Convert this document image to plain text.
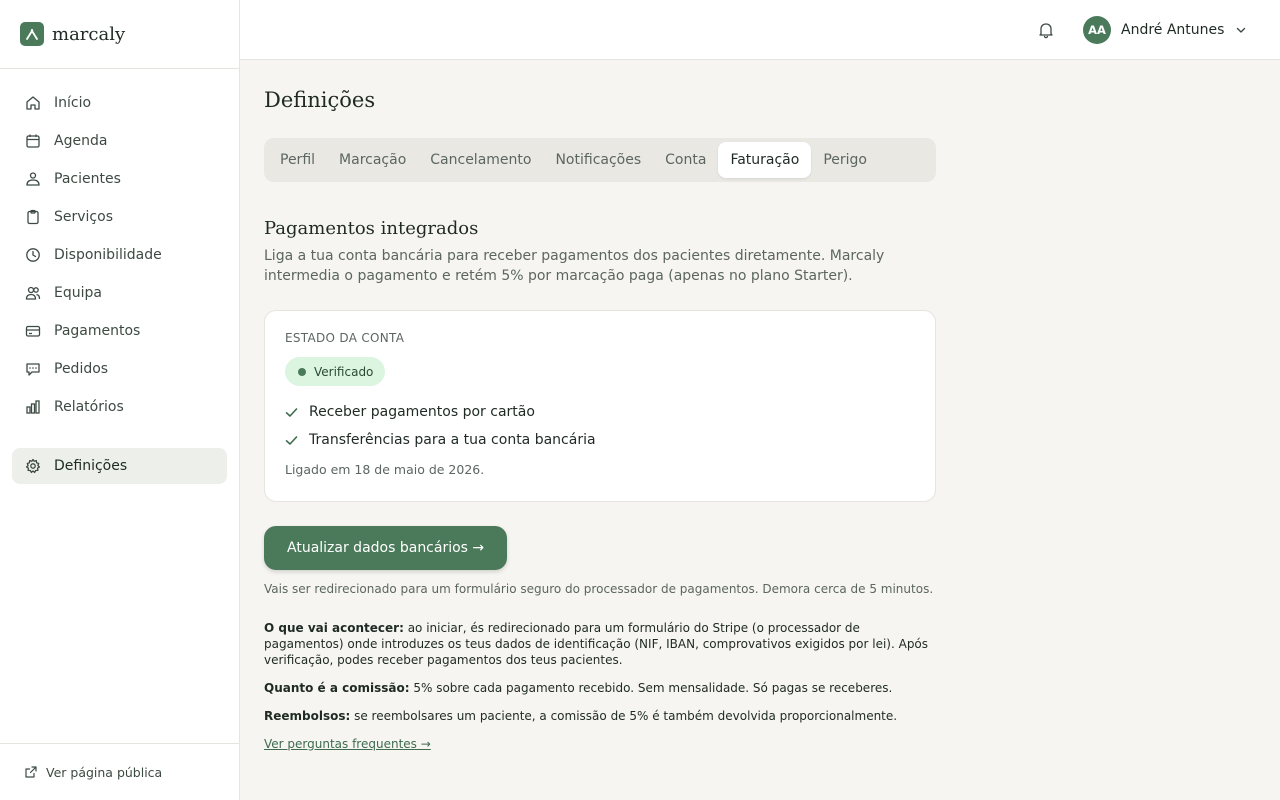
marcaly
Início
Agenda
Pacientes
Serviços
Disponibilidade
Equipa
Pagamentos
Pedidos
Relatórios
Definições
Ver página pública
AA	André Antunes
Definições
Perfil	Marcação	Cancelamento	Notificações	Conta	Faturação	Perigo
Pagamentos integrados

Liga a tua conta bancária para receber pagamentos dos pacientes diretamente. Marcaly intermedia o pagamento e retém 5% por marcação paga (apenas no plano Starter).

ESTADO DA CONTA
Verificado
Receber pagamentos por cartão
Transferências para a tua conta bancária
Ligado em 18 de maio de 2026.
Atualizar dados bancários →

Vais ser redirecionado para um formulário seguro do processador de pagamentos. Demora cerca de 5 minutos.

O que vai acontecer: ao iniciar, és redirecionado para um formulário do Stripe (o processador de pagamentos) onde introduzes os teus dados de identificação (NIF, IBAN, comprovativos exigidos por lei). Após verificação, podes receber pagamentos dos teus pacientes.

Quanto é a comissão: 5% sobre cada pagamento recebido. Sem mensalidade. Só pagas se receberes.

Reembolsos: se reembolsares um paciente, a comissão de 5% é também devolvida proporcionalmente.

Ver perguntas frequentes →
